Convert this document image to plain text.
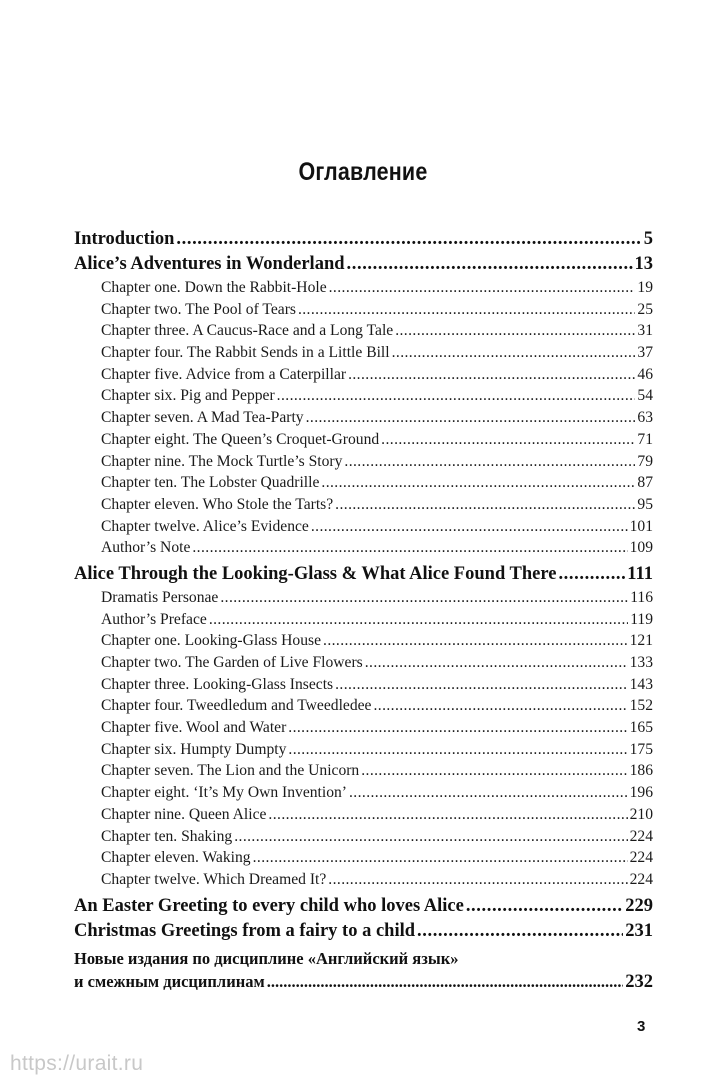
Оглавление
Introduction .....	5
Alice’s Adventures in Wonderland .....	13
Chapter one. Down the Rabbit-Hole .....	19
Chapter two. The Pool of Tears .....	25
Chapter three. A Caucus-Race and a Long Tale .....	31
Chapter four. The Rabbit Sends in a Little Bill .....	37
Chapter five. Advice from a Caterpillar .....	46
Chapter six. Pig and Pepper .....	54
Chapter seven. A Mad Tea-Party .....	63
Chapter eight. The Queen’s Croquet-Ground .....	71
Chapter nine. The Mock Turtle’s Story .....	79
Chapter ten. The Lobster Quadrille .....	87
Chapter eleven. Who Stole the Tarts? .....	95
Chapter twelve. Alice’s Evidence .....	101
Author’s Note .....	109
Alice Through the Looking-Glass & What Alice Found There .....	111
Dramatis Personae .....	116
Author’s Preface .....	119
Chapter one. Looking-Glass House .....	121
Chapter two. The Garden of Live Flowers .....	133
Chapter three. Looking-Glass Insects .....	143
Chapter four. Tweedledum and Tweedledee .....	152
Chapter five. Wool and Water .....	165
Chapter six. Humpty Dumpty .....	175
Chapter seven. The Lion and the Unicorn .....	186
Chapter eight. ‘It’s My Own Invention’ .....	196
Chapter nine. Queen Alice .....	210
Chapter ten. Shaking .....	224
Chapter eleven. Waking .....	224
Chapter twelve. Which Dreamed It? .....	224
An Easter Greeting to every child who loves Alice .....	229
Christmas Greetings from a fairy to a child .....	231
Новые издания по дисциплине «Английский язык»
и смежным дисциплинам .....	232
3
https://urait.ru
